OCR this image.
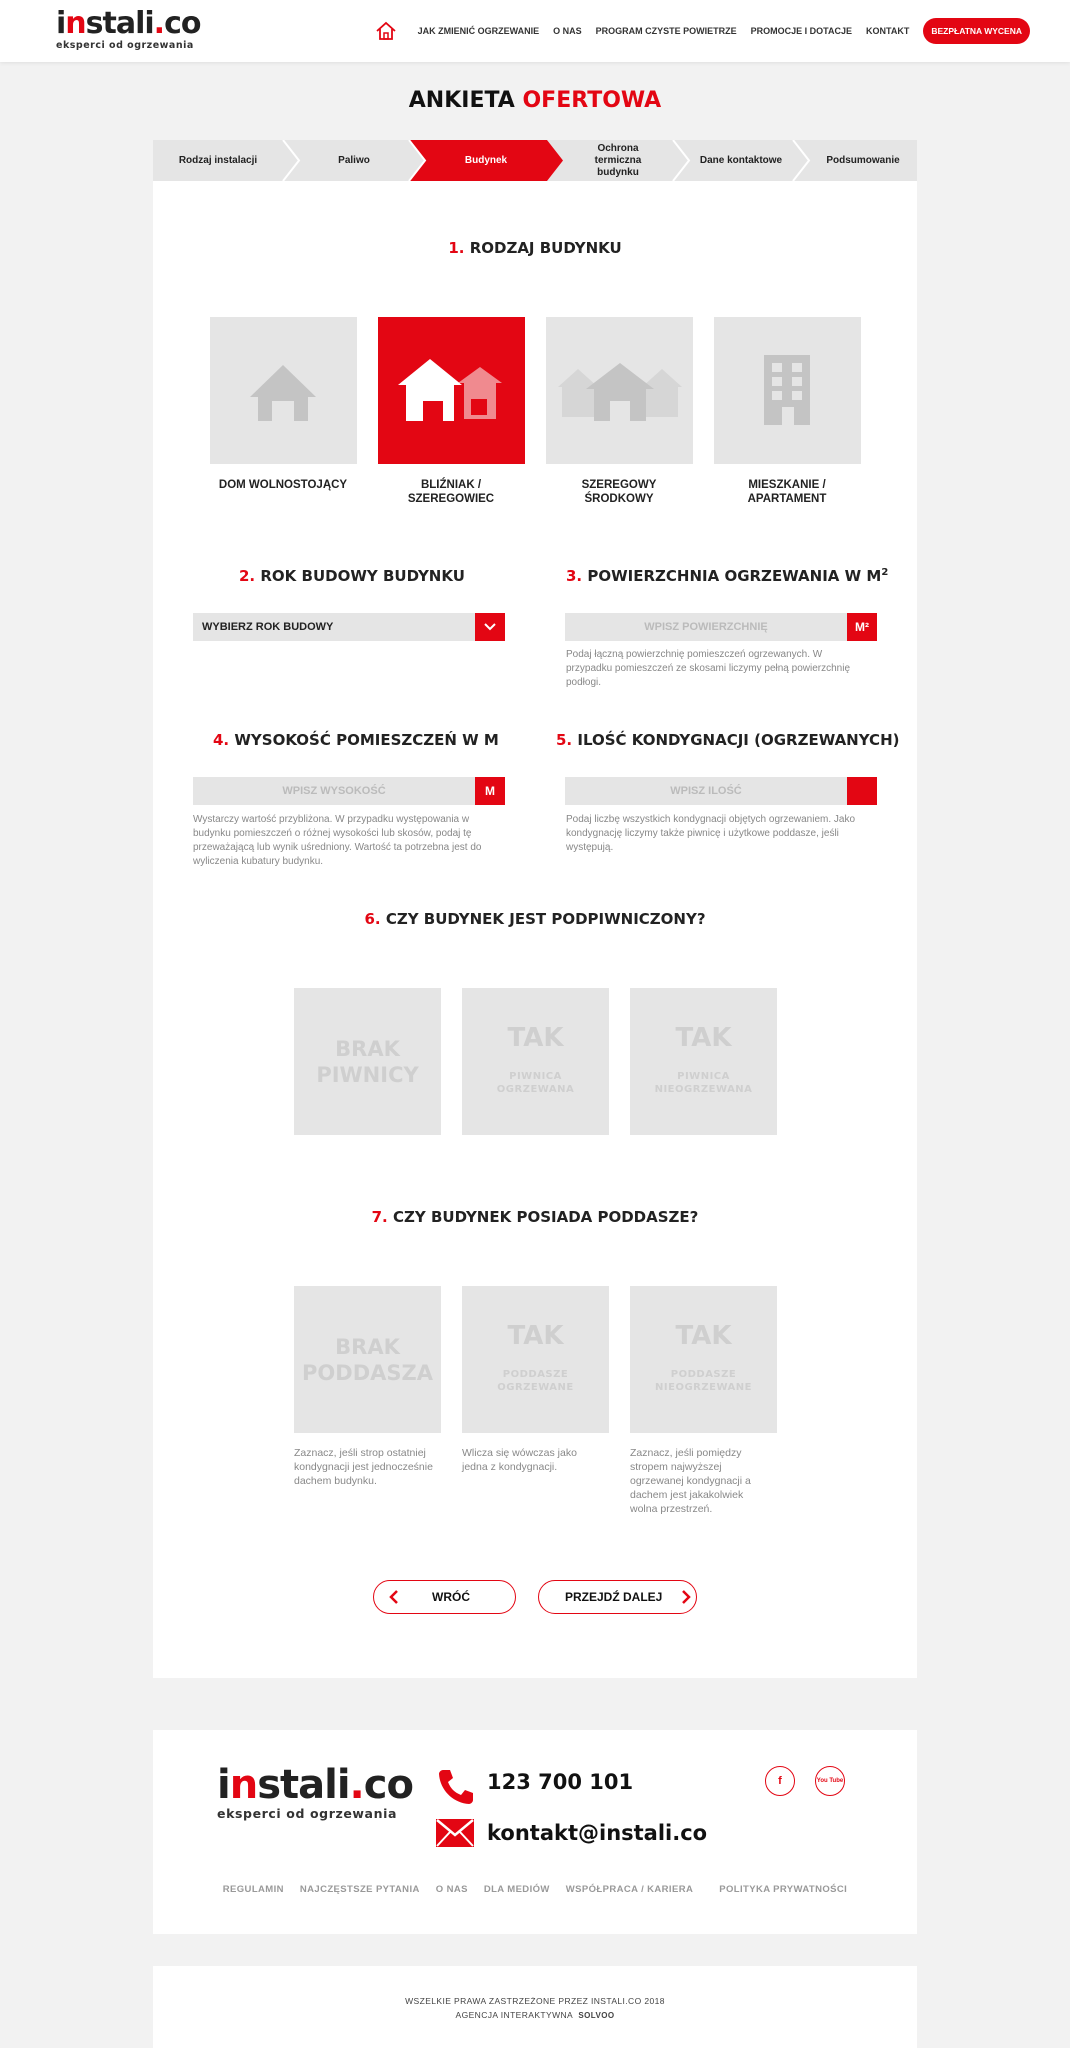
instali.co
eksperci od ogrzewania
JAK ZMIENIĆ OGRZEWANIE O NAS PROGRAM CZYSTE POWIETRZE PROMOCJE I DOTACJE KONTAKT	BEZPŁATNA WYCENA
ANKIETA OFERTOWA
Rodzaj instalacji	Paliwo	Budynek
Ochrona termiczna budynku
Dane kontaktowe	Podsumowanie
1. RODZAJ BUDYNKU
DOM WOLNOSTOJĄCY	BLIŹNIAK / SZEREGOWIEC
SZEREGOWY ŚRODKOWY
MIESZKANIE / APARTAMENT
2. ROK BUDOWY BUDYNKU	3. POWIERZCHNIA OGRZEWANIA W $M^2$
WYBIERZ ROK BUDOWY	WPISZ POWIERZCHNIĘ	M²
Podaj łączną powierzchnię pomieszczeń ogrzewanych. W przypadku pomieszczeń ze skosami liczymy pełną powierzchnię podłogi.
4. WYSOKOŚĆ POMIESZCZEŃ W M	5. ILOŚĆ KONDYGNACJI (OGRZEWANYCH)
WPISZ WYSOKOŚĆ	M
Wystarczy wartość przybliżona. W przypadku występowania w budynku pomieszczeń o różnej wysokości lub skosów, podaj tę przeważającą lub wynik uśredniony. Wartość ta potrzebna jest do wyliczenia kubatury budynku.
WPISZ ILOŚĆ
Podaj liczbę wszystkich kondygnacji objętych ogrzewaniem. Jako kondygnację liczymy także piwnicę i użytkowe poddasze, jeśli występują.
6. CZY BUDYNEK JEST PODPIWNICZONY?
BRAK
PIWNICY
TAK
PIWNICA
OGRZEWANA
TAK
PIWNICA
NIEOGRZEWANA
7. CZY BUDYNEK POSIADA PODDASZE?
BRAK
PODDASZA
TAK
PODDASZE
OGRZEWANE
TAK
PODDASZE
NIEOGRZEWANE
Zaznacz, jeśli strop ostatniej kondygnacji jest jednocześnie dachem budynku.
Wlicza się wówczas jako jedna z kondygnacji.
Zaznacz, jeśli pomiędzy stropem najwyższej ogrzewanej kondygnacji a dachem jest jakakolwiek wolna przestrzeń.
WRÓĆ	PRZEJDŹ DALEJ
instali.co
eksperci od ogrzewania
123 700 101
kontakt@instali.co
f	You Tube
REGULAMIN NAJCZĘSTSZE PYTANIA O NAS DLA MEDIÓW WSPÓŁPRACA / KARIERA	POLITYKA PRYWATNOŚCI
WSZELKIE PRAWA ZASTRZEŻONE PRZEZ INSTALI.CO 2018
AGENCJA INTERAKTYWNA SOLVOO
